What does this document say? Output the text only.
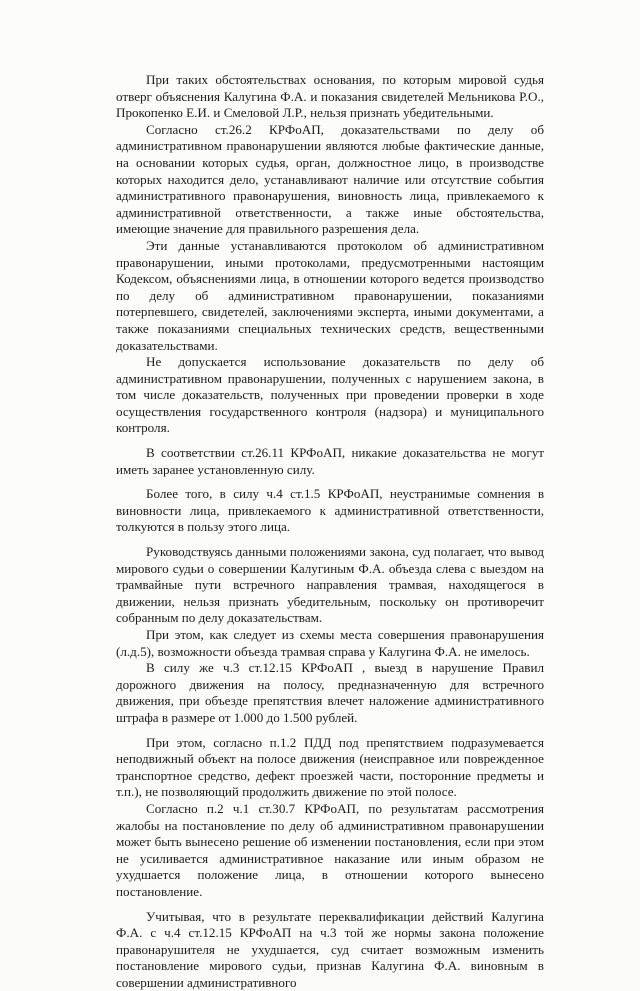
При таких обстоятельствах основания, по которым мировой судья отверг объяснения Калугина Ф.А. и показания свидетелей Мельникова Р.О., Прокопенко Е.И. и Смеловой Л.Р., нельзя признать убедительными.

Согласно ст.26.2 КРФоАП, доказательствами по делу об административном правонарушении являются любые фактические данные, на основании которых судья, орган, должностное лицо, в производстве которых находится дело, устанавливают наличие или отсутствие события административного правонарушения, виновность лица, привлекаемого к административной ответственности, а также иные обстоятельства, имеющие значение для правильного разрешения дела.

Эти данные устанавливаются протоколом об административном правонарушении, иными протоколами, предусмотренными настоящим Кодексом, объяснениями лица, в отношении которого ведется производство по делу об административном правонарушении, показаниями потерпевшего, свидетелей, заключениями эксперта, иными документами, а также показаниями специальных технических средств, вещественными доказательствами.

Не допускается использование доказательств по делу об административном правонарушении, полученных с нарушением закона, в том числе доказательств, полученных при проведении проверки в ходе осуществления государственного контроля (надзора) и муниципального контроля.

В соответствии ст.26.11 КРФоАП, никакие доказательства не могут иметь заранее установленную силу.

Более того, в силу ч.4 ст.1.5 КРФоАП, неустранимые сомнения в виновности лица, привлекаемого к административной ответственности, толкуются в пользу этого лица.

Руководствуясь данными положениями закона, суд полагает, что вывод мирового судьи о совершении Калугиным Ф.А. объезда слева с выездом на трамвайные пути встречного направления трамвая, находящегося в движении, нельзя признать убедительным, поскольку он противоречит собранным по делу доказательствам.

При этом, как следует из схемы места совершения правонарушения (л.д.5), возможности объезда трамвая справа у Калугина Ф.А. не имелось.

В силу же ч.3 ст.12.15 КРФоАП , выезд в нарушение Правил дорожного движения на полосу, предназначенную для встречного движения, при объезде препятствия влечет наложение административного штрафа в размере от 1.000 до 1.500 рублей.

При этом, согласно п.1.2 ПДД под препятствием подразумевается неподвижный объект на полосе движения (неисправное или поврежденное транспортное средство, дефект проезжей части, посторонние предметы и т.п.), не позволяющий продолжить движение по этой полосе.

Согласно п.2 ч.1 ст.30.7 КРФоАП, по результатам рассмотрения жалобы на постановление по делу об административном правонарушении может быть вынесено решение об изменении постановления, если при этом не усиливается административное наказание или иным образом не ухудшается положение лица, в отношении которого вынесено постановление.

Учитывая, что в результате переквалификации действий Калугина Ф.А. с ч.4 ст.12.15 КРФоАП на ч.3 той же нормы закона положение правонарушителя не ухудшается, суд считает возможным изменить постановление мирового судьи, признав Калугина Ф.А. виновным в совершении административного
